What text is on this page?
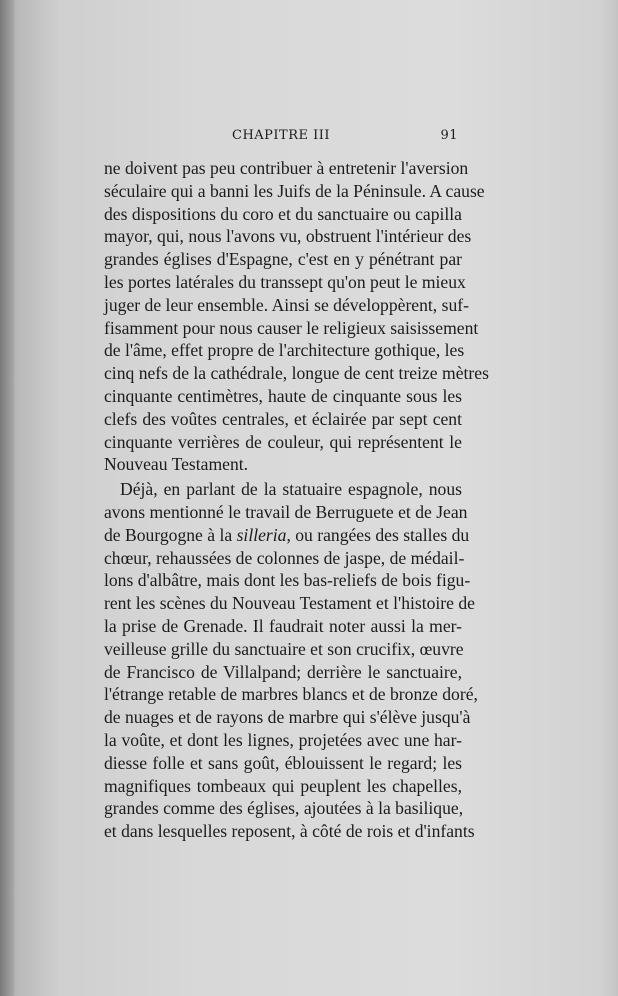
CHAPITRE III	91
ne doivent pas peu contribuer à entretenir l'aversion
séculaire qui a banni les Juifs de la Péninsule. A cause
des dispositions du coro et du sanctuaire ou capilla
mayor, qui, nous l'avons vu, obstruent l'intérieur des
grandes églises d'Espagne, c'est en y pénétrant par
les portes latérales du transsept qu'on peut le mieux
juger de leur ensemble. Ainsi se développèrent, suf-
fisamment pour nous causer le religieux saisissement
de l'âme, effet propre de l'architecture gothique, les
cinq nefs de la cathédrale, longue de cent treize mètres
cinquante centimètres, haute de cinquante sous les
clefs des voûtes centrales, et éclairée par sept cent
cinquante verrières de couleur, qui représentent le
Nouveau Testament.
Déjà, en parlant de la statuaire espagnole, nous
avons mentionné le travail de Berruguete et de Jean
de Bourgogne à la silleria, ou rangées des stalles du
chœur, rehaussées de colonnes de jaspe, de médail-
lons d'albâtre, mais dont les bas-reliefs de bois figu-
rent les scènes du Nouveau Testament et l'histoire de
la prise de Grenade. Il faudrait noter aussi la mer-
veilleuse grille du sanctuaire et son crucifix, œuvre
de Francisco de Villalpand; derrière le sanctuaire,
l'étrange retable de marbres blancs et de bronze doré,
de nuages et de rayons de marbre qui s'élève jusqu'à
la voûte, et dont les lignes, projetées avec une har-
diesse folle et sans goût, éblouissent le regard; les
magnifiques tombeaux qui peuplent les chapelles,
grandes comme des églises, ajoutées à la basilique,
et dans lesquelles reposent, à côté de rois et d'infants
